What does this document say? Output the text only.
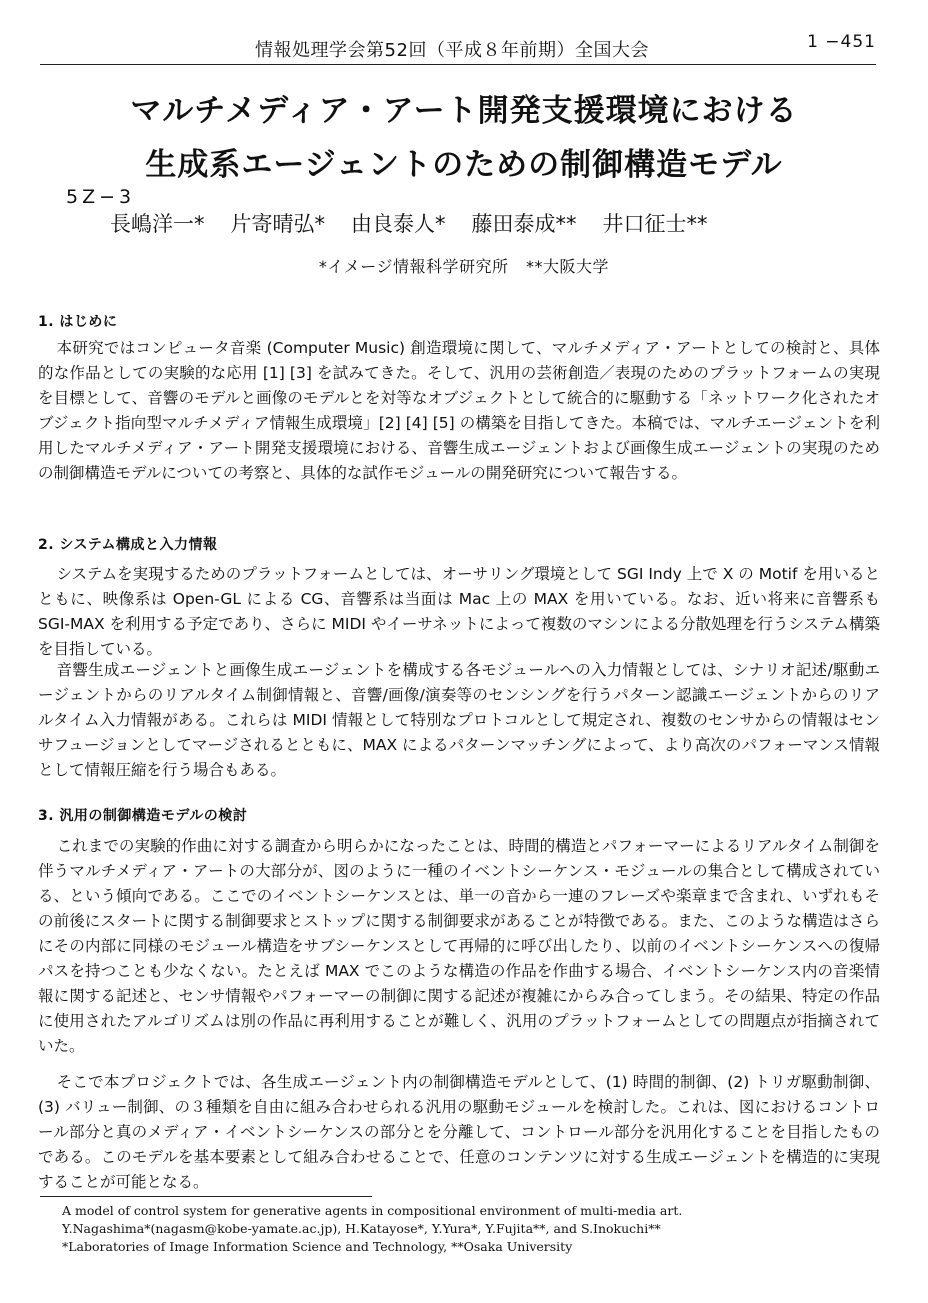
情報処理学会第52回（平成８年前期）全国大会	1 −451
マルチメディア・アート開発支援環境における
生成系エージェントのための制御構造モデル
5Z−3
長嶋洋一* 片寄晴弘* 由良泰人* 藤田泰成** 井口征士**
*イメージ情報科学研究所 **大阪大学
1. はじめに

本研究ではコンピュータ音楽 (Computer Music) 創造環境に関して、マルチメディア・アートとしての検討と、具体的な作品としての実験的な応用 [1] [3] を試みてきた。そして、汎用の芸術創造／表現のためのプラットフォームの実現を目標として、音響のモデルと画像のモデルとを対等なオブジェクトとして統合的に駆動する「ネットワーク化されたオブジェクト指向型マルチメディア情報生成環境」[2] [4] [5] の構築を目指してきた。本稿では、マルチエージェントを利用したマルチメディア・アート開発支援環境における、音響生成エージェントおよび画像生成エージェントの実現のための制御構造モデルについての考察と、具体的な試作モジュールの開発研究について報告する。

2. システム構成と入力情報

システムを実現するためのプラットフォームとしては、オーサリング環境として SGI Indy 上で X の Motif を用いるとともに、映像系は Open-GL による CG、音響系は当面は Mac 上の MAX を用いている。なお、近い将来に音響系も SGI-MAX を利用する予定であり、さらに MIDI やイーサネットによって複数のマシンによる分散処理を行うシステム構築を目指している。

音響生成エージェントと画像生成エージェントを構成する各モジュールへの入力情報としては、シナリオ記述/駆動エージェントからのリアルタイム制御情報と、音響/画像/演奏等のセンシングを行うパターン認識エージェントからのリアルタイム入力情報がある。これらは MIDI 情報として特別なプロトコルとして規定され、複数のセンサからの情報はセンサフュージョンとしてマージされるとともに、MAX によるパターンマッチングによって、より高次のパフォーマンス情報として情報圧縮を行う場合もある。

3. 汎用の制御構造モデルの検討

これまでの実験的作曲に対する調査から明らかになったことは、時間的構造とパフォーマーによるリアルタイム制御を伴うマルチメディア・アートの大部分が、図のように一種のイベントシーケンス・モジュールの集合として構成されている、という傾向である。ここでのイベントシーケンスとは、単一の音から一連のフレーズや楽章まで含まれ、いずれもその前後にスタートに関する制御要求とストップに関する制御要求があることが特徴である。また、このような構造はさらにその内部に同様のモジュール構造をサブシーケンスとして再帰的に呼び出したり、以前のイベントシーケンスへの復帰パスを持つことも少なくない。たとえば MAX でこのような構造の作品を作曲する場合、イベントシーケンス内の音楽情報に関する記述と、センサ情報やパフォーマーの制御に関する記述が複雑にからみ合ってしまう。その結果、特定の作品に使用されたアルゴリズムは別の作品に再利用することが難しく、汎用のプラットフォームとしての問題点が指摘されていた。

そこで本プロジェクトでは、各生成エージェント内の制御構造モデルとして、(1) 時間的制御、(2) トリガ駆動制御、(3) バリュー制御、の３種類を自由に組み合わせられる汎用の駆動モジュールを検討した。これは、図におけるコントロール部分と真のメディア・イベントシーケンスの部分とを分離して、コントロール部分を汎用化することを目指したものである。このモデルを基本要素として組み合わせることで、任意のコンテンツに対する生成エージェントを構造的に実現することが可能となる。

A model of control system for generative agents in compositional environment of multi-media art.
Y.Nagashima*(nagasm@kobe-yamate.ac.jp), H.Katayose*, Y.Yura*, Y.Fujita**, and S.Inokuchi**
*Laboratories of Image Information Science and Technology, **Osaka University
